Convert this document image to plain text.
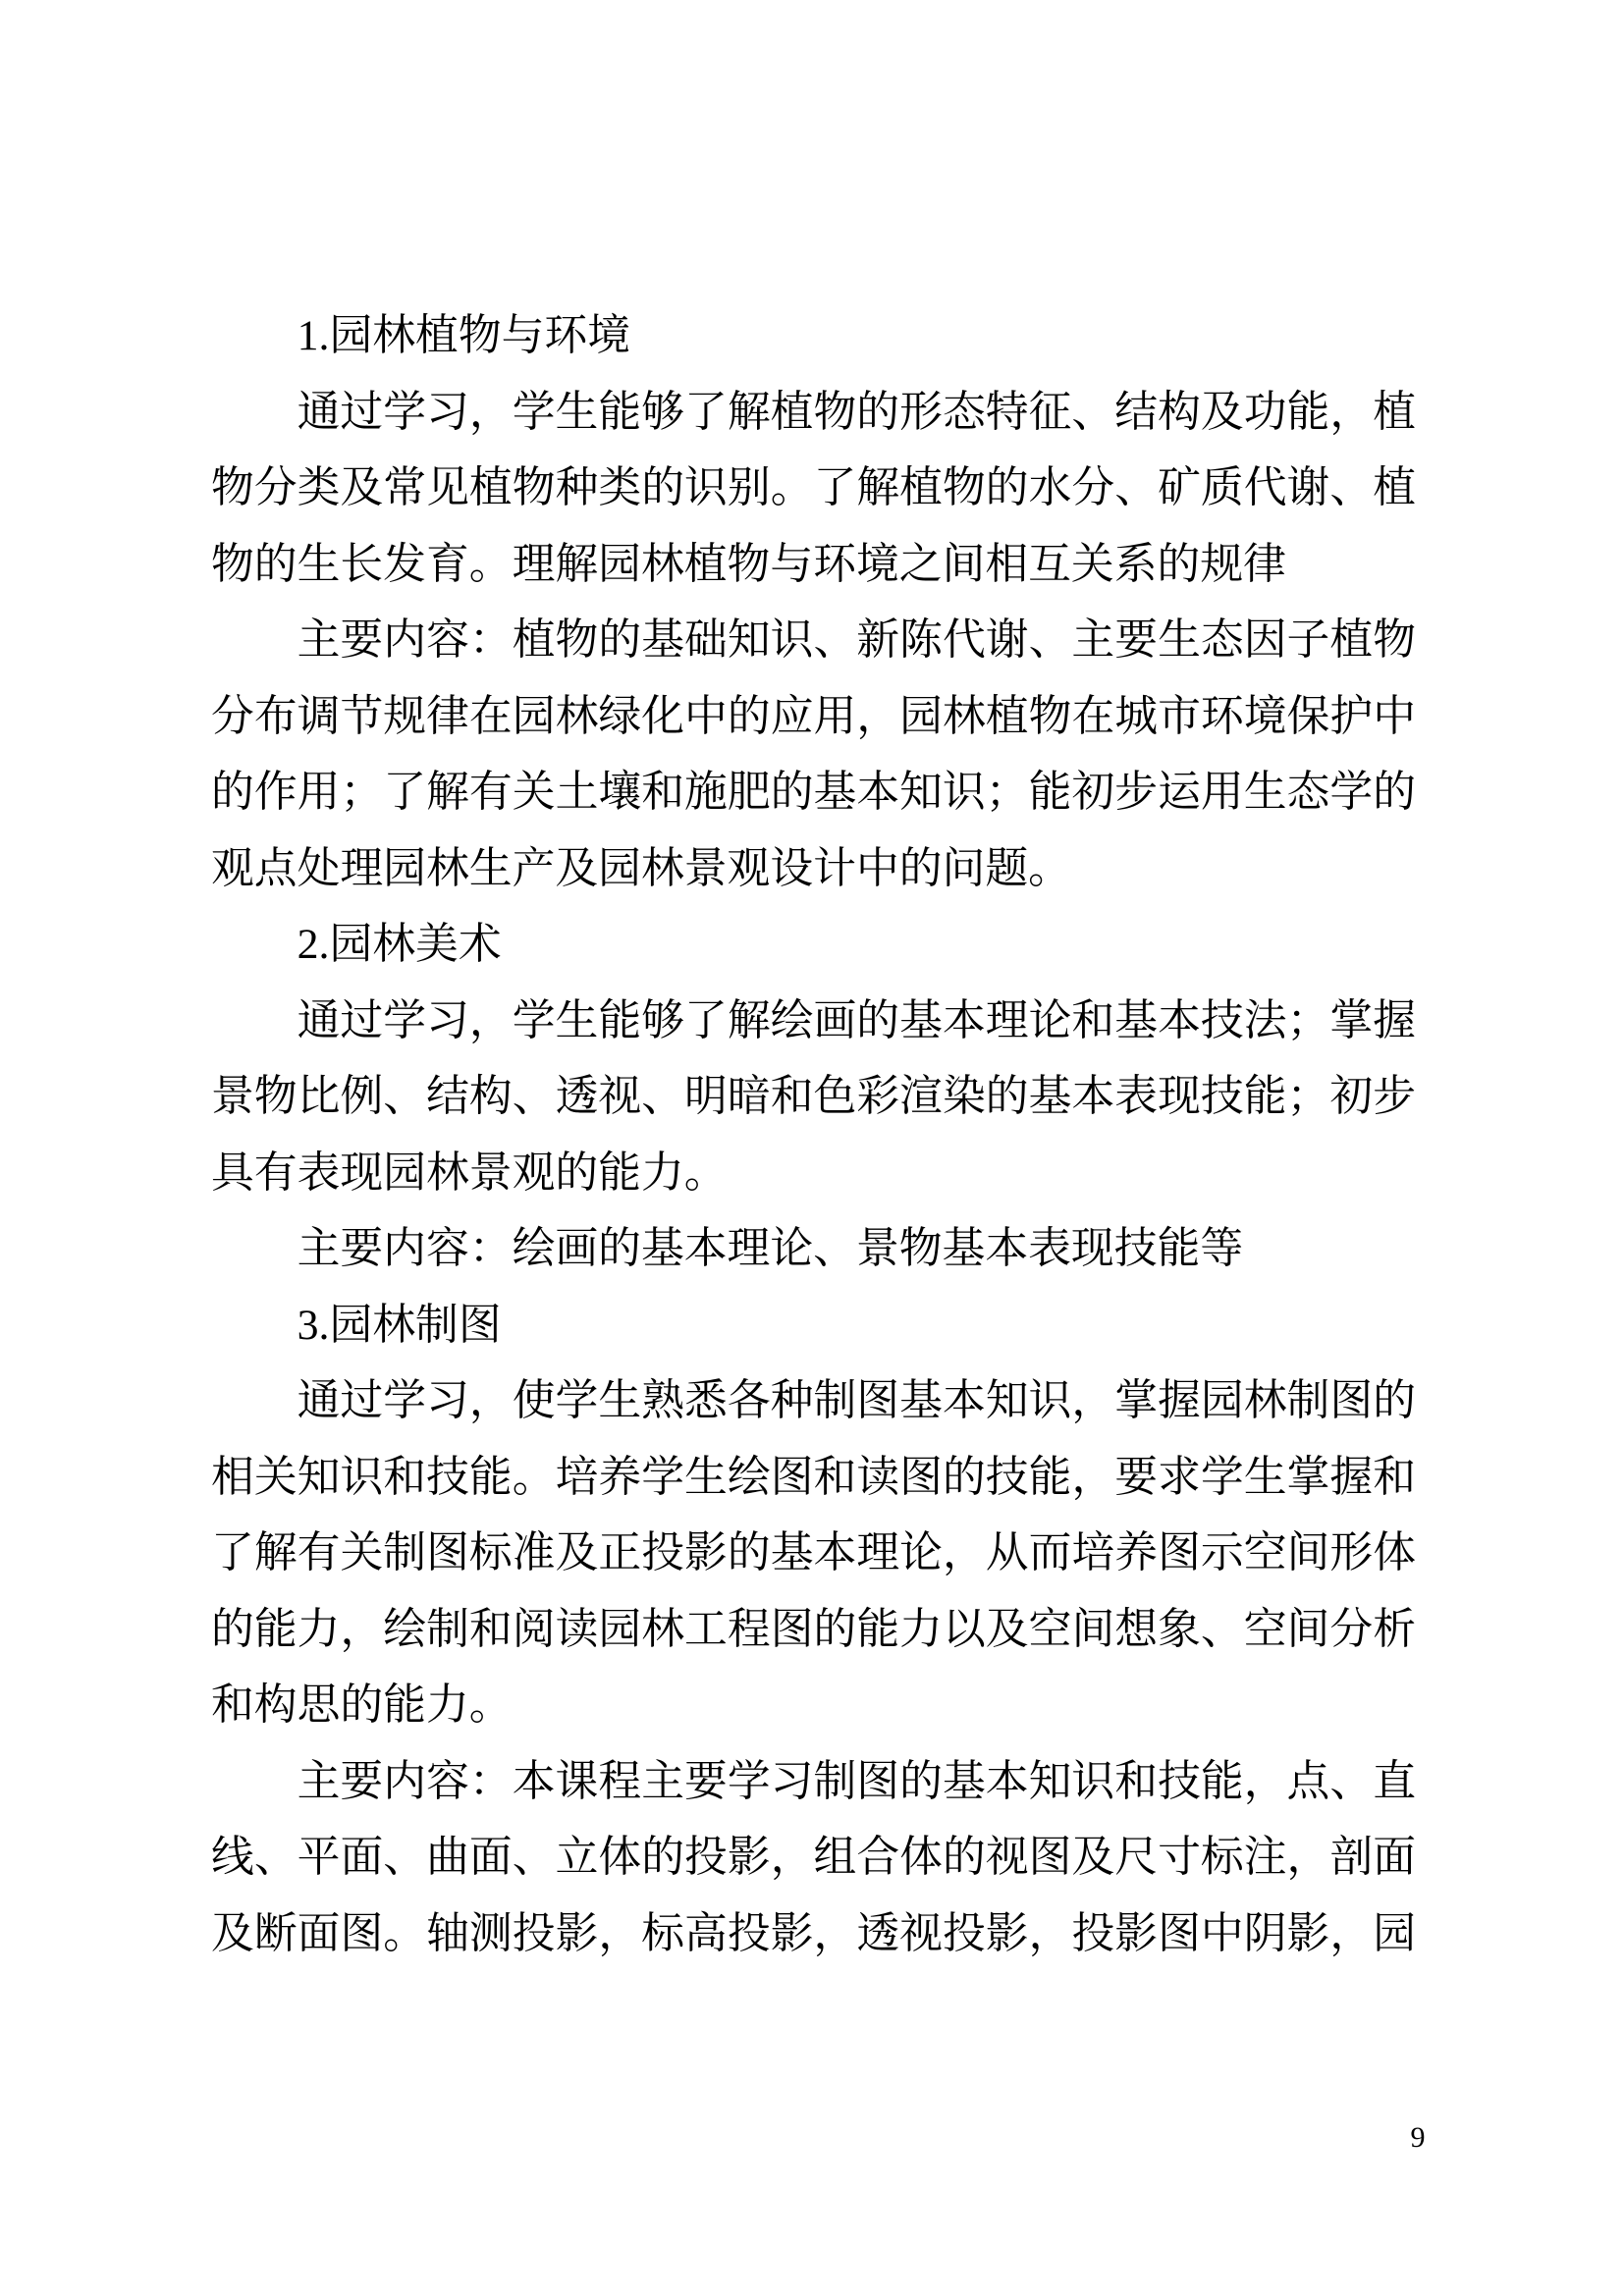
1.园林植物与环境
通过学习，学生能够了解植物的形态特征、结构及功能，植
物分类及常见植物种类的识别。了解植物的水分、矿质代谢、植
物的生长发育。理解园林植物与环境之间相互关系的规律
主要内容：植物的基础知识、新陈代谢、主要生态因子植物
分布调节规律在园林绿化中的应用，园林植物在城市环境保护中
的作用；了解有关土壤和施肥的基本知识；能初步运用生态学的
观点处理园林生产及园林景观设计中的问题。
2.园林美术
通过学习，学生能够了解绘画的基本理论和基本技法；掌握
景物比例、结构、透视、明暗和色彩渲染的基本表现技能；初步
具有表现园林景观的能力。
主要内容：绘画的基本理论、景物基本表现技能等
3.园林制图
通过学习，使学生熟悉各种制图基本知识，掌握园林制图的
相关知识和技能。培养学生绘图和读图的技能，要求学生掌握和
了解有关制图标准及正投影的基本理论，从而培养图示空间形体
的能力，绘制和阅读园林工程图的能力以及空间想象、空间分析
和构思的能力。
主要内容：本课程主要学习制图的基本知识和技能，点、直
线、平面、曲面、立体的投影，组合体的视图及尺寸标注，剖面
及断面图。轴测投影，标高投影，透视投影，投影图中阴影，园
9
